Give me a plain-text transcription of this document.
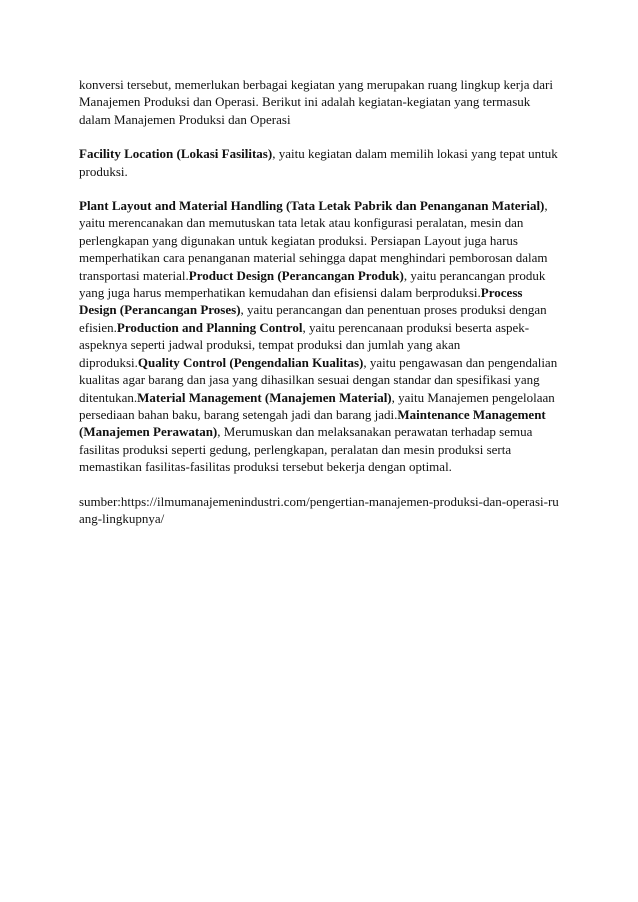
konversi tersebut, memerlukan berbagai kegiatan yang merupakan ruang lingkup kerja dari Manajemen Produksi dan Operasi. Berikut ini adalah kegiatan-kegiatan yang termasuk dalam Manajemen Produksi dan Operasi

Facility Location (Lokasi Fasilitas), yaitu kegiatan dalam memilih lokasi yang tepat untuk produksi.

Plant Layout and Material Handling (Tata Letak Pabrik dan Penanganan Material), yaitu merencanakan dan memutuskan tata letak atau konfigurasi peralatan, mesin dan perlengkapan yang digunakan untuk kegiatan produksi. Persiapan Layout juga harus memperhatikan cara penanganan material sehingga dapat menghindari pemborosan dalam transportasi material.Product Design (Perancangan Produk), yaitu perancangan produk yang juga harus memperhatikan kemudahan dan efisiensi dalam berproduksi.Process Design (Perancangan Proses), yaitu perancangan dan penentuan proses produksi dengan efisien.Production and Planning Control, yaitu perencanaan produksi beserta aspek-aspeknya seperti jadwal produksi, tempat produksi dan jumlah yang akan diproduksi.Quality Control (Pengendalian Kualitas), yaitu pengawasan dan pengendalian kualitas agar barang dan jasa yang dihasilkan sesuai dengan standar dan spesifikasi yang ditentukan.Material Management (Manajemen Material), yaitu Manajemen pengelolaan persediaan bahan baku, barang setengah jadi dan barang jadi.Maintenance Management (Manajemen Perawatan), Merumuskan dan melaksanakan perawatan terhadap semua fasilitas produksi seperti gedung, perlengkapan, peralatan dan mesin produksi serta memastikan fasilitas-fasilitas produksi tersebut bekerja dengan optimal.

sumber:https://ilmumanajemenindustri.com/pengertian-manajemen-produksi-dan-operasi-ruang-lingkupnya/
